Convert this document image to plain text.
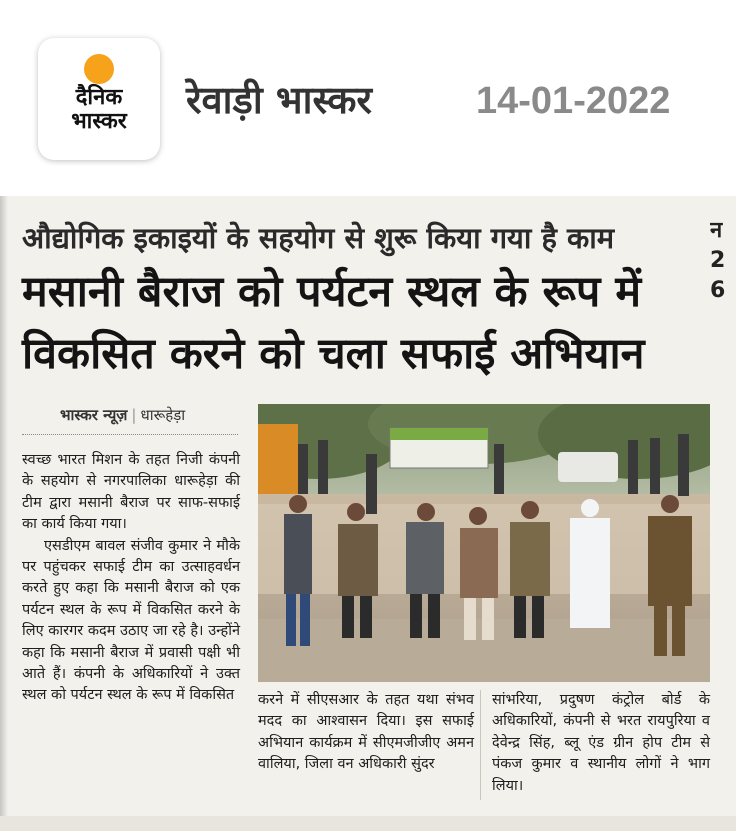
दैनिक
भास्कर	रेवाड़ी भास्कर	14-01-2022
औद्योगिक इकाइयों के सहयोग से शुरू किया गया है काम
मसानी बैराज को पर्यटन स्थल के रूप में
विकसित करने को चला सफाई अभियान
न
2
6
भास्कर न्यूज़ | धारूहेड़ा

स्वच्छ भारत मिशन के तहत निजी कंपनी के सहयोग से नगरपालिका धारूहेड़ा की टीम द्वारा मसानी बैराज पर साफ-सफाई का कार्य किया गया।

एसडीएम बावल संजीव कुमार ने मौके पर पहुंचकर सफाई टीम का उत्साहवर्धन करते हुए कहा कि मसानी बैराज को एक पर्यटन स्थल के रूप में विकसित करने के लिए कारगर कदम उठाए जा रहे है। उन्होंने कहा कि मसानी बैराज में प्रवासी पक्षी भी आते हैं। कंपनी के अधिकारियों ने उक्त स्थल को पर्यटन स्थल के रूप में विकसित	करने में सीएसआर के तहत यथा संभव मदद का आश्वासन दिया। इस सफाई अभियान कार्यक्रम में सीएमजीजीए अमन वालिया, जिला वन अधिकारी सुंदर
सांभरिया, प्रदुषण कंट्रोल बोर्ड के अधिकारियों, कंपनी से भरत रायपुरिया व देवेन्द्र सिंह, ब्लू एंड ग्रीन होप टीम से पंकज कुमार व स्थानीय लोगों ने भाग लिया।
